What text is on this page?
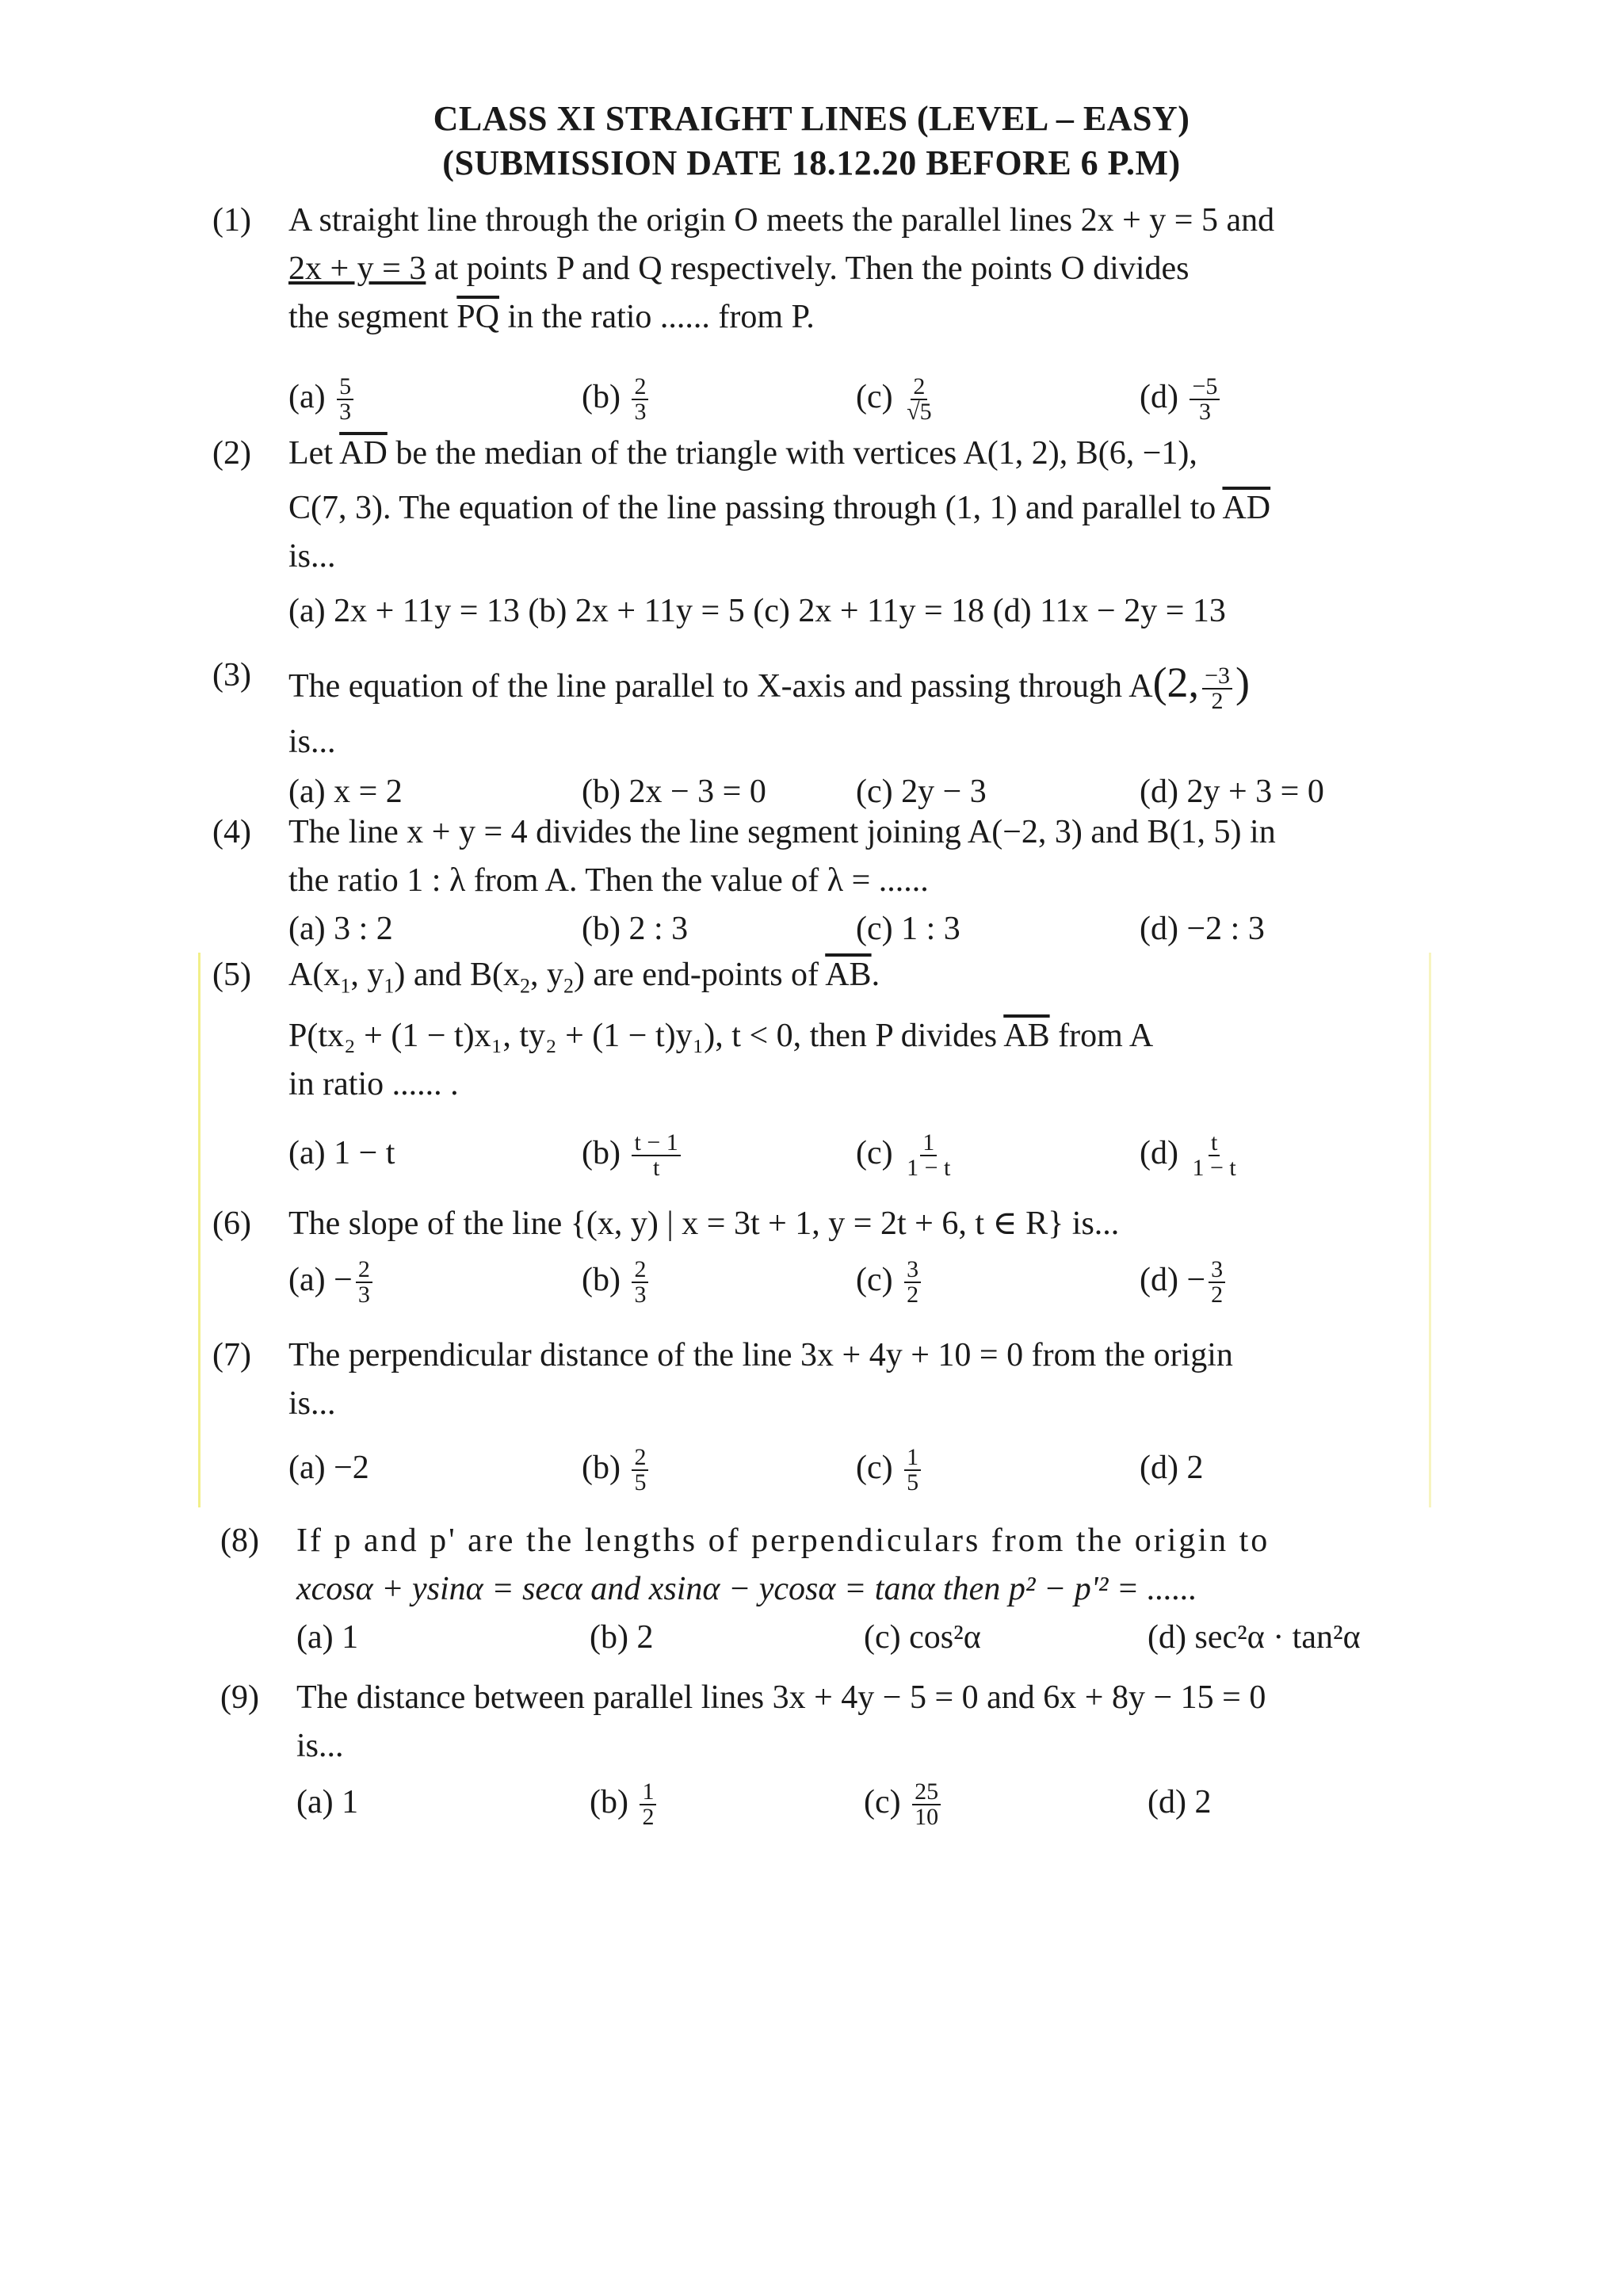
CLASS XI STRAIGHT LINES (LEVEL – EASY)
(SUBMISSION DATE 18.12.20 BEFORE 6 P.M)
(1) A straight line through the origin O meets the parallel lines 2x + y = 5 and
2x + y = 3 at points P and Q respectively. Then the points O divides
the segment $\overline{PQ}$ in the ratio ...... from P.
$(a) \frac{5}{3}$	$(b) \frac{2}{3}$	$(c) \frac{2}{√5}$	$(d) \frac{-5}{3}$
(2) Let $\overline{AD}$ be the median of the triangle with vertices A(1, 2), B(6, −1),
C(7, 3). The equation of the line passing through (1, 1) and parallel to $\overline{AD}$
is...
(a) 2x + 11y = 13 (b) 2x + 11y = 5 (c) 2x + 11y = 18 (d) 11x − 2y = 13
(3) The equation of the line parallel to X-axis and passing through A(2, $\frac{-3}{2}$ )
is...
(a) x = 2	(b) 2x − 3 = 0	(c) 2y − 3	(d) 2y + 3 = 0
(4) The line x + y = 4 divides the line segment joining A(−2, 3) and B(1, 5) in
the ratio 1 : λ from A. Then the value of λ = ......
(a) 3 : 2	(b) 2 : 3	(c) 1 : 3	(d) −2 : 3
(5) $A(x_1$, $y_1$) and $B(x_2$, $y_2$) are end-points of $\overline{AB}$.
P(tx₂ + (1 − t)x₁, ty₂ + (1 − t)y₁), t < 0, then P divides $\overline{AB}$ from A
in ratio ...... .
(a) 1 − t	$(b) \frac{t - 1}{t}$	$(c) \frac{1}{1 - t}$	$(d) \frac{t}{1 - t}$
(6) The slope of the line {(x, y) | x = 3t + 1, y = 2t + 6, t ∈ R} is...
$(a) - \frac{2}{3}$	$(b) \frac{2}{3}$	$(c) \frac{3}{2}$	$(d) - \frac{3}{2}$
(7) The perpendicular distance of the line 3x + 4y + 10 = 0 from the origin
is...
(a) −2	$(b) \frac{2}{5}$	$(c) \frac{1}{5}$	(d) 2
(8) If p and p' are the lengths of perpendiculars from the origin to
xcosα + ysinα = secα and xsinα − ycosα = tanα then p² − p'² = ......
(a) 1	(b) 2	(c) cos²α	(d) sec²α · tan²α
(9) The distance between parallel lines 3x + 4y − 5 = 0 and 6x + 8y − 15 = 0
is...
(a) 1	$(b) \frac{1}{2}$	$(c) \frac{25}{10}$	(d) 2
